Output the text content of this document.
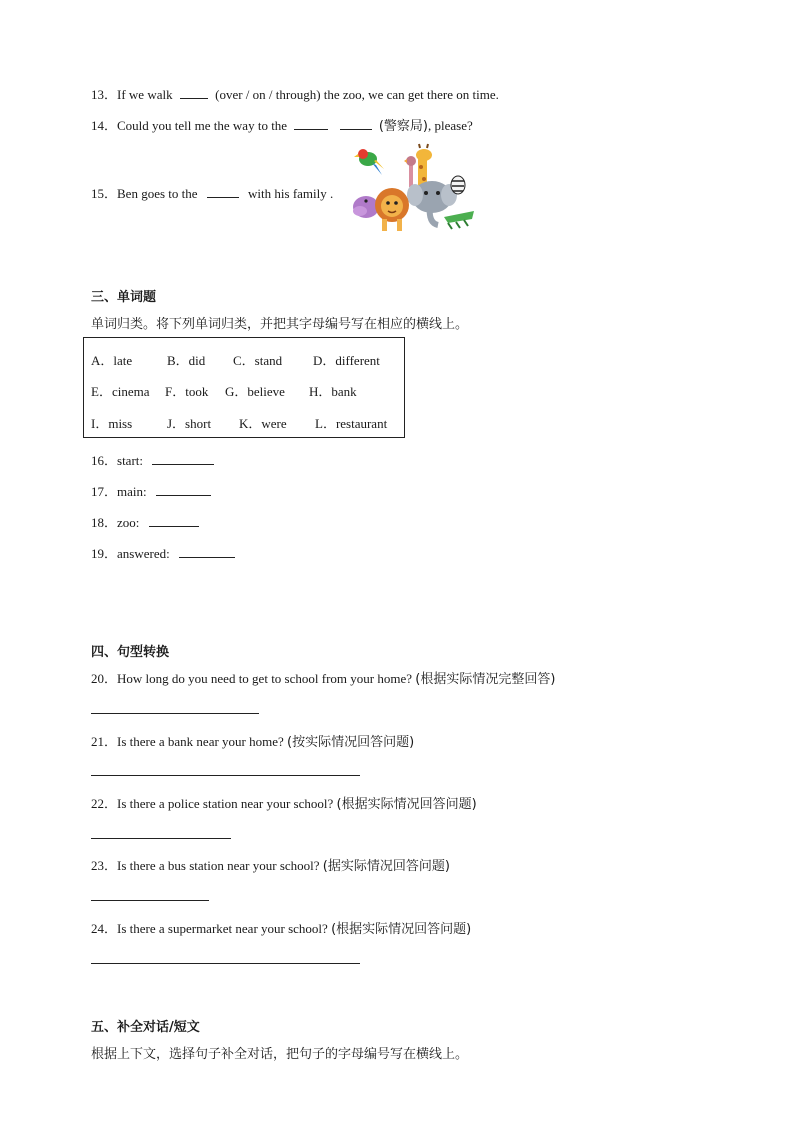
13．If we walk	(over / on / through) the zoo, we can get there on time.
14．Could you tell me the way to the	(警察局), please?
15．Ben goes to the	with his family .
三、单词题
单词归类。将下列单词归类，并把其字母编号写在相应的横线上。
A．late	B．did C．stand D．different
E．cinema F．took G．believe H．bank
I．miss	J．short K．were L．restaurant
16．start:
17．main:
18．zoo:
19．answered:
四、句型转换
20．How long do you need to get to school from your home? (根据实际情况完整回答)
21．Is there a bank near your home? (按实际情况回答问题)
22．Is there a police station near your school? (根据实际情况回答问题)
23．Is there a bus station near your school? (据实际情况回答问题)
24．Is there a supermarket near your school? (根据实际情况回答问题)
五、补全对话/短文
根据上下文，选择句子补全对话，把句子的字母编号写在横线上。
